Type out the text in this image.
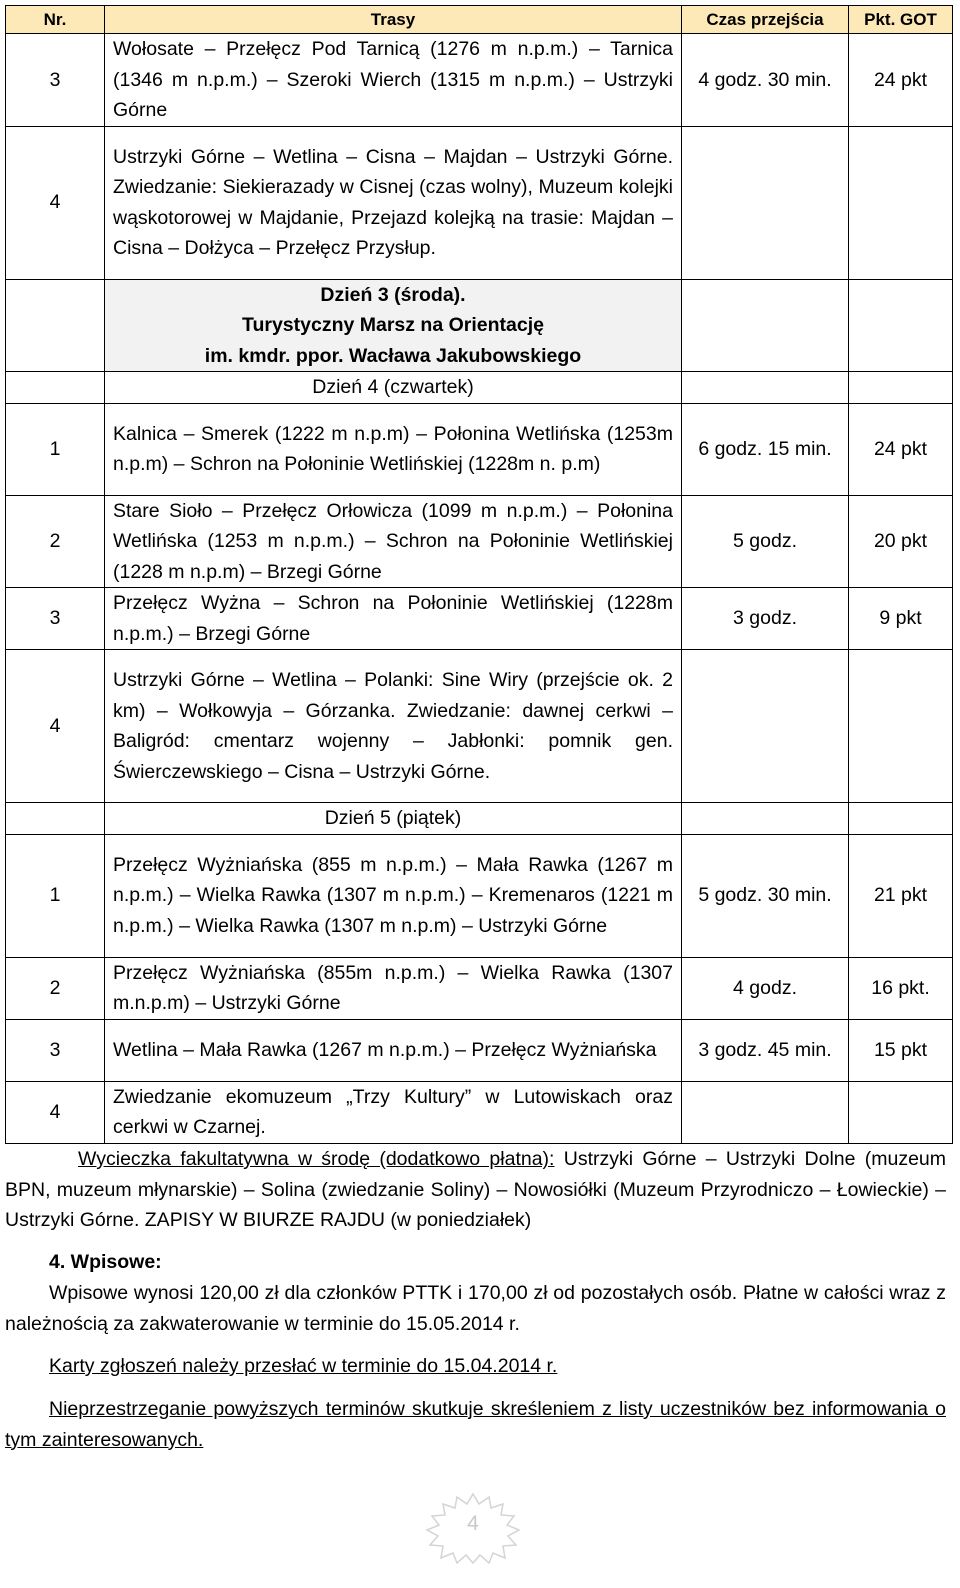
Nr.	Trasy	Czas przejścia	Pkt. GOT
3	Wołosate – Przełęcz Pod Tarnicą (1276 m n.p.m.) – Tarnica (1346 m n.p.m.) – Szeroki Wierch (1315 m n.p.m.) – Ustrzyki Górne	4 godz. 30 min.	24 pkt
4	Ustrzyki Górne – Wetlina – Cisna – Majdan – Ustrzyki Górne. Zwiedzanie: Siekierazady w Cisnej (czas wolny), Muzeum kolejki wąskotorowej w Majdanie, Przejazd kolejką na trasie: Majdan – Cisna – Dołżyca – Przełęcz Przysłup.		

	Dzień 3 (środa).
Turystyczny Marsz na Orientację
im. kmdr. ppor. Wacława Jakubowskiego		

	Dzień 4 (czwartek)		
1	Kalnica – Smerek (1222 m n.p.m) – Połonina Wetlińska (1253m n.p.m) – Schron na Połoninie Wetlińskiej (1228m n. p.m)	6 godz. 15 min.	24 pkt
2	Stare Sioło – Przełęcz Orłowicza (1099 m n.p.m.) – Połonina Wetlińska (1253 m n.p.m.) – Schron na Połoninie Wetlińskiej (1228 m n.p.m) – Brzegi Górne	5 godz.	20 pkt
3	Przełęcz Wyżna – Schron na Połoninie Wetlińskiej (1228m n.p.m.) – Brzegi Górne	3 godz.	9 pkt
4	Ustrzyki Górne – Wetlina – Polanki: Sine Wiry (przejście ok. 2 km) – Wołkowyja – Górzanka. Zwiedzanie: dawnej cerkwi – Baligród: cmentarz wojenny – Jabłonki: pomnik gen. Świerczewskiego – Cisna – Ustrzyki Górne.		
	Dzień 5 (piątek)		
1	Przełęcz Wyżniańska (855 m n.p.m.) – Mała Rawka (1267 m n.p.m.) – Wielka Rawka (1307 m n.p.m.) – Kremenaros (1221 m n.p.m.) – Wielka Rawka (1307 m n.p.m) – Ustrzyki Górne	5 godz. 30 min.	21 pkt
2	Przełęcz Wyżniańska (855m n.p.m.) – Wielka Rawka (1307 m.n.p.m) – Ustrzyki Górne	4 godz.	16 pkt.
3	Wetlina – Mała Rawka (1267 m n.p.m.) – Przełęcz Wyżniańska	3 godz. 45 min.	15 pkt
4	Zwiedzanie ekomuzeum „Trzy Kultury” w Lutowiskach oraz cerkwi w Czarnej.		
Wycieczka fakultatywna w środę (dodatkowo płatna): Ustrzyki Górne – Ustrzyki Dolne (muzeum BPN, muzeum młynarskie) – Solina (zwiedzanie Soliny) – Nowosiółki (Muzeum Przyrodniczo – Łowieckie) – Ustrzyki Górne. ZAPISY W BIURZE RAJDU (w poniedziałek)
4. Wpisowe:
Wpisowe wynosi 120,00 zł dla członków PTTK i 170,00 zł od pozostałych osób. Płatne w całości wraz z należnością za zakwaterowanie w terminie do 15.05.2014 r.
Karty zgłoszeń należy przesłać w terminie do 15.04.2014 r.
Nieprzestrzeganie powyższych terminów skutkuje skreśleniem z listy uczestników bez informowania o tym zainteresowanych.
4
